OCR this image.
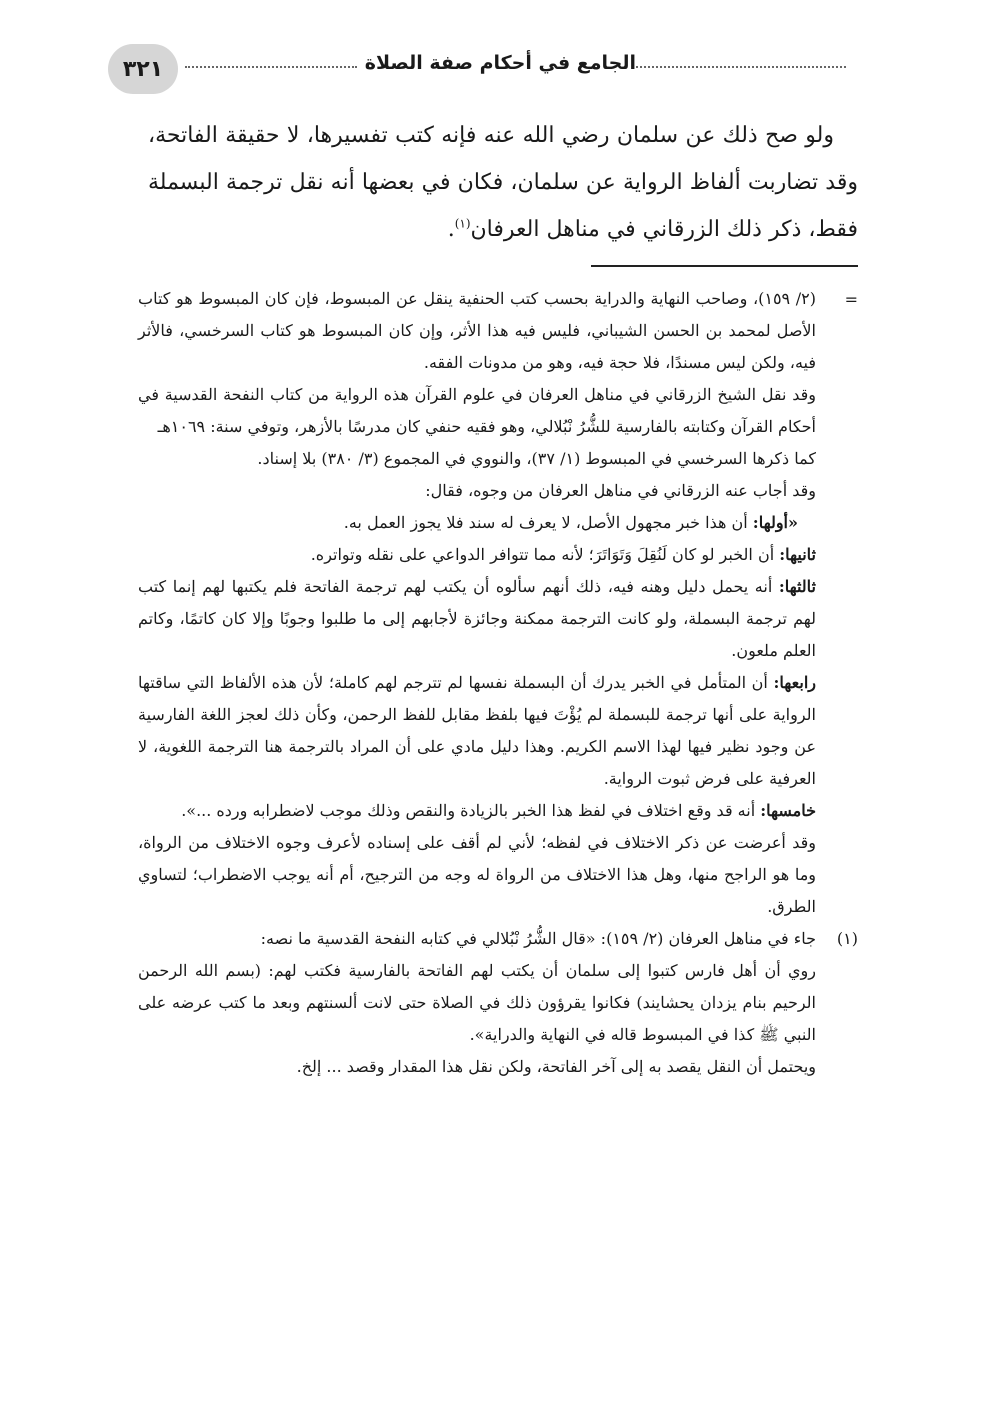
٣٢١	الجامع في أحكام صفة الصلاة

ولو صح ذلك عن سلمان رضي الله عنه فإنه كتب تفسيرها، لا حقيقة الفاتحة، وقد تضاربت ألفاظ الرواية عن سلمان، فكان في بعضها أنه نقل ترجمة البسملة فقط، ذكر ذلك الزرقاني في مناهل العرفان$^{(١)}$.

=

(٢/ ١٥٩)، وصاحب النهاية والدراية بحسب كتب الحنفية ينقل عن المبسوط، فإن كان المبسوط هو كتاب الأصل لمحمد بن الحسن الشيباني، فليس فيه هذا الأثر، وإن كان المبسوط هو كتاب السرخسي، فالأثر فيه، ولكن ليس مسندًا، فلا حجة فيه، وهو من مدونات الفقه.

وقد نقل الشيخ الزرقاني في مناهل العرفان في علوم القرآن هذه الرواية من كتاب النفحة القدسية في أحكام القرآن وكتابته بالفارسية للشُّرُ نْبُلالي، وهو فقيه حنفي كان مدرسًا بالأزهر، وتوفي سنة: ١٠٦٩هـ

كما ذكرها السرخسي في المبسوط (١/ ٣٧)، والنووي في المجموع (٣/ ٣٨٠) بلا إسناد.

وقد أجاب عنه الزرقاني في مناهل العرفان من وجوه، فقال:

«أولها: أن هذا خبر مجهول الأصل، لا يعرف له سند فلا يجوز العمل به.

ثانيها: أن الخبر لو كان لَنُقِلَ وَتَوَاتَرَ؛ لأنه مما تتوافر الدواعي على نقله وتواتره.

ثالثها: أنه يحمل دليل وهنه فيه، ذلك أنهم سألوه أن يكتب لهم ترجمة الفاتحة فلم يكتبها لهم إنما كتب لهم ترجمة البسملة، ولو كانت الترجمة ممكنة وجائزة لأجابهم إلى ما طلبوا وجوبًا وإلا كان كاتمًا، وكاتم العلم ملعون.

رابعها: أن المتأمل في الخبر يدرك أن البسملة نفسها لم تترجم لهم كاملة؛ لأن هذه الألفاظ التي ساقتها الرواية على أنها ترجمة للبسملة لم يُؤْتَ فيها بلفظ مقابل للفظ الرحمن، وكأن ذلك لعجز اللغة الفارسية عن وجود نظير فيها لهذا الاسم الكريم. وهذا دليل مادي على أن المراد بالترجمة هنا الترجمة اللغوية، لا العرفية على فرض ثبوت الرواية.

خامسها: أنه قد وقع اختلاف في لفظ هذا الخبر بالزيادة والنقص وذلك موجب لاضطرابه ورده ...».

وقد أعرضت عن ذكر الاختلاف في لفظه؛ لأني لم أقف على إسناده لأعرف وجوه الاختلاف من الرواة، وما هو الراجح منها، وهل هذا الاختلاف من الرواة له وجه من الترجيح، أم أنه يوجب الاضطراب؛ لتساوي الطرق.

(١)

جاء في مناهل العرفان (٢/ ١٥٩): «قال الشُّرُ نْبُلالي في كتابه النفحة القدسية ما نصه:

روي أن أهل فارس كتبوا إلى سلمان أن يكتب لهم الفاتحة بالفارسية فكتب لهم: (بسم الله الرحمن الرحيم بنام يزدان يحشايند) فكانوا يقرؤون ذلك في الصلاة حتى لانت ألسنتهم وبعد ما كتب عرضه على النبي ﷺ كذا في المبسوط قاله في النهاية والدراية».

ويحتمل أن النقل يقصد به إلى آخر الفاتحة، ولكن نقل هذا المقدار وقصد ... إلخ.
